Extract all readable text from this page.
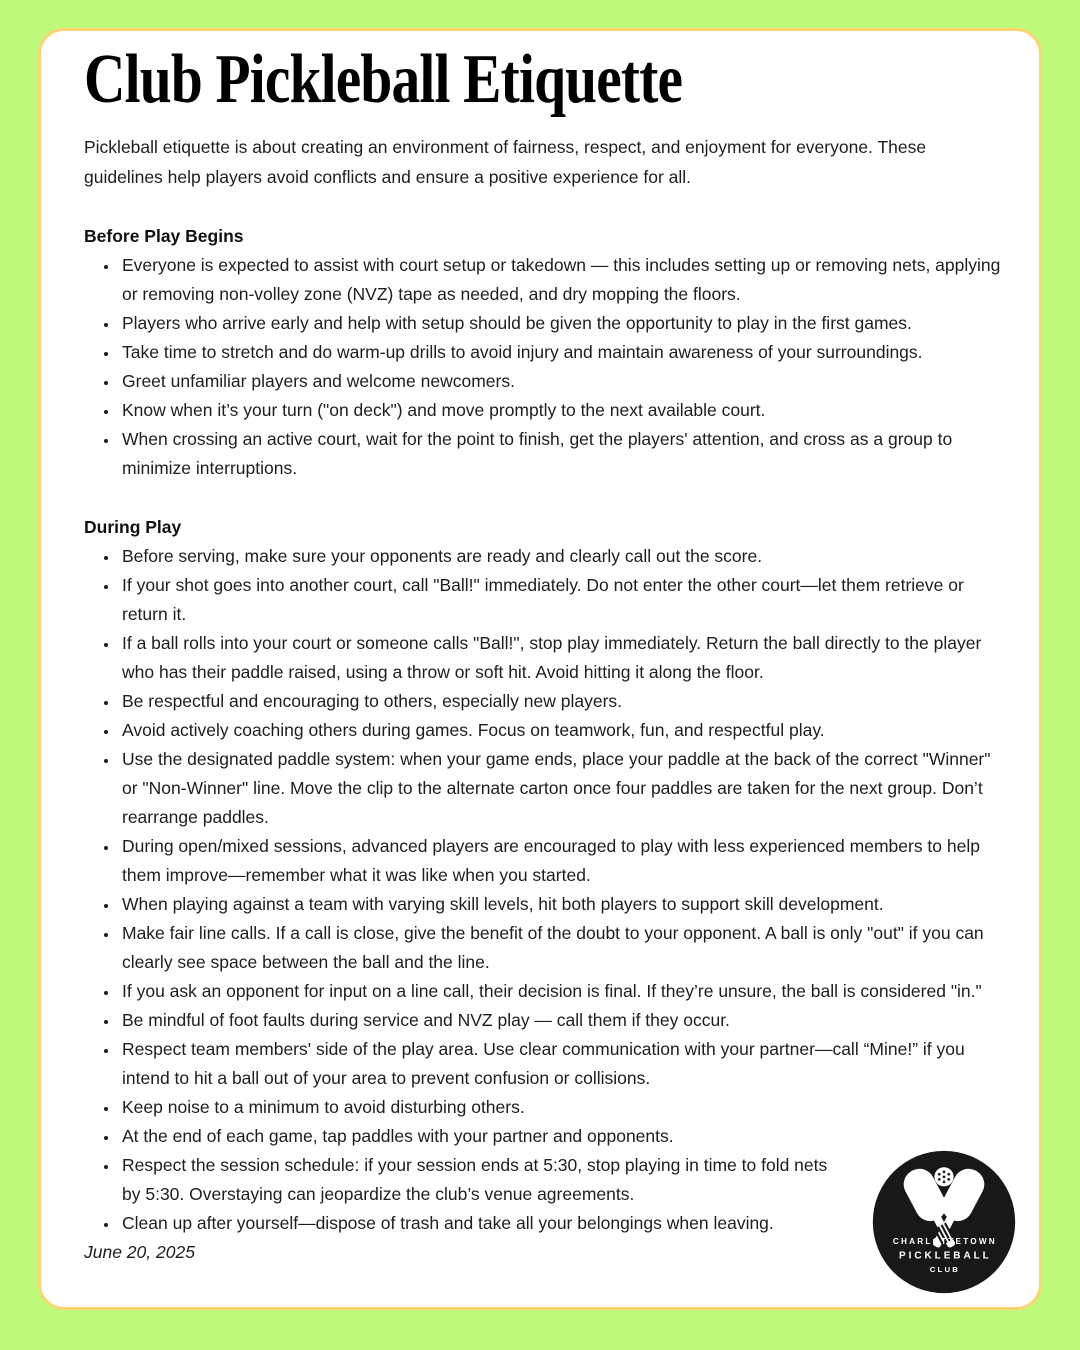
Club Pickleball Etiquette

Pickleball etiquette is about creating an environment of fairness, respect, and enjoyment for everyone. These guidelines help players avoid conflicts and ensure a positive experience for all.

Before Play Begins
• Everyone is expected to assist with court setup or takedown — this includes setting up or removing nets, applying or removing non-volley zone (NVZ) tape as needed, and dry mopping the floors.
• Players who arrive early and help with setup should be given the opportunity to play in the first games.
• Take time to stretch and do warm-up drills to avoid injury and maintain awareness of your surroundings.
• Greet unfamiliar players and welcome newcomers.
• Know when it’s your turn ("on deck") and move promptly to the next available court.
• When crossing an active court, wait for the point to finish, get the players' attention, and cross as a group to minimize interruptions.
During Play
• Before serving, make sure your opponents are ready and clearly call out the score.
• If your shot goes into another court, call "Ball!" immediately. Do not enter the other court—let them retrieve or return it.
• If a ball rolls into your court or someone calls "Ball!", stop play immediately. Return the ball directly to the player who has their paddle raised, using a throw or soft hit. Avoid hitting it along the floor.
• Be respectful and encouraging to others, especially new players.
• Avoid actively coaching others during games. Focus on teamwork, fun, and respectful play.
• Use the designated paddle system: when your game ends, place your paddle at the back of the correct "Winner" or "Non-Winner" line. Move the clip to the alternate carton once four paddles are taken for the next group. Don’t rearrange paddles.
• During open/mixed sessions, advanced players are encouraged to play with less experienced members to help them improve—remember what it was like when you started.
• When playing against a team with varying skill levels, hit both players to support skill development.
• Make fair line calls. If a call is close, give the benefit of the doubt to your opponent. A ball is only "out" if you can clearly see space between the ball and the line.
• If you ask an opponent for input on a line call, their decision is final. If they’re unsure, the ball is considered "in."
• Be mindful of foot faults during service and NVZ play — call them if they occur.
• Respect team members' side of the play area. Use clear communication with your partner—call “Mine!” if you intend to hit a ball out of your area to prevent confusion or collisions.
• Keep noise to a minimum to avoid disturbing others.
• At the end of each game, tap paddles with your partner and opponents.
• Respect the session schedule: if your session ends at 5:30, stop playing in time to fold nets by 5:30. Overstaying can jeopardize the club’s venue agreements.
• Clean up after yourself—dispose of trash and take all your belongings when leaving.

June 20, 2025

CHARLOTTETOWN
PICKLEBALL
CLUB
